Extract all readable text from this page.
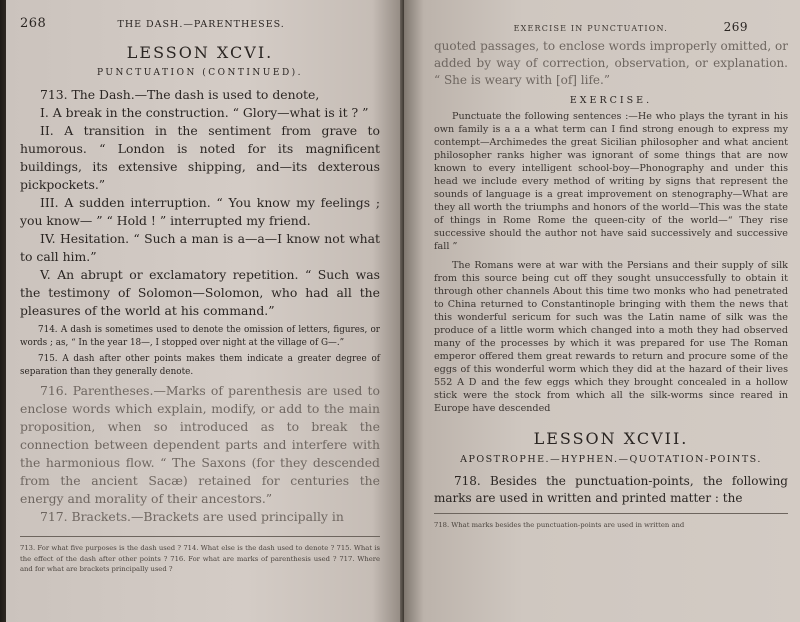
268	THE DASH.—PARENTHESES.
LESSON XCVI.
PUNCTUATION (CONTINUED).

713. The Dash.—The dash is used to denote,

I. A break in the construction. “ Glory—what is it ? ”

II. A transition in the sentiment from grave to humorous. “ London is noted for its magnificent buildings, its extensive shipping, and—its dexterous pickpockets.”

III. A sudden interruption. “ You know my feelings ; you know— ” “ Hold ! ” interrupted my friend.

IV. Hesitation. “ Such a man is a—a—I know not what to call him.”

V. An abrupt or exclamatory repetition. “ Such was the testimony of Solomon—Solomon, who had all the pleasures of the world at his command.”

714. A dash is sometimes used to denote the omission of letters, figures, or words ; as, “ In the year 18—, I stopped over night at the village of G—.”

715. A dash after other points makes them indicate a greater degree of separation than they generally denote.

716. Parentheses.—Marks of parenthesis are used to enclose words which explain, modify, or add to the main proposition, when so introduced as to break the connection between dependent parts and interfere with the harmonious flow. “ The Saxons (for they descended from the ancient Sacæ) retained for centuries the energy and morality of their ancestors.”

717. Brackets.—Brackets are used principally in

713. For what five purposes is the dash used ? 714. What else is the dash used to denote ? 715. What is the effect of the dash after other points ? 716. For what are marks of parenthesis used ? 717. Where and for what are brackets principally used ?
EXERCISE IN PUNCTUATION.	269

quoted passages, to enclose words improperly omitted, or added by way of correction, observation, or explanation. “ She is weary with [of] life.”

EXERCISE.

Punctuate the following sentences :—He who plays the tyrant in his own family is a a a what term can I find strong enough to express my contempt—Archimedes the great Sicilian philosopher and what ancient philosopher ranks higher was ignorant of some things that are now known to every intelligent school-boy—Phonography and under this head we include every method of writing by signs that represent the sounds of language is a great improvement on stenography—What are they all worth the triumphs and honors of the world—This was the state of things in Rome Rome the queen-city of the world—“ They rise successive should the author not have said successively and successive fall ”

The Romans were at war with the Persians and their supply of silk from this source being cut off they sought unsuccessfully to obtain it through other channels About this time two monks who had penetrated to China returned to Constantinople bringing with them the news that this wonderful sericum for such was the Latin name of silk was the produce of a little worm which changed into a moth they had observed many of the processes by which it was prepared for use The Roman emperor offered them great rewards to return and procure some of the eggs of this wonderful worm which they did at the hazard of their lives 552 A D and the few eggs which they brought concealed in a hollow stick were the stock from which all the silk-worms since reared in Europe have descended

LESSON XCVII.
APOSTROPHE.—HYPHEN.—QUOTATION-POINTS.

718. Besides the punctuation-points, the following marks are used in written and printed matter : the

718. What marks besides the punctuation-points are used in written and
